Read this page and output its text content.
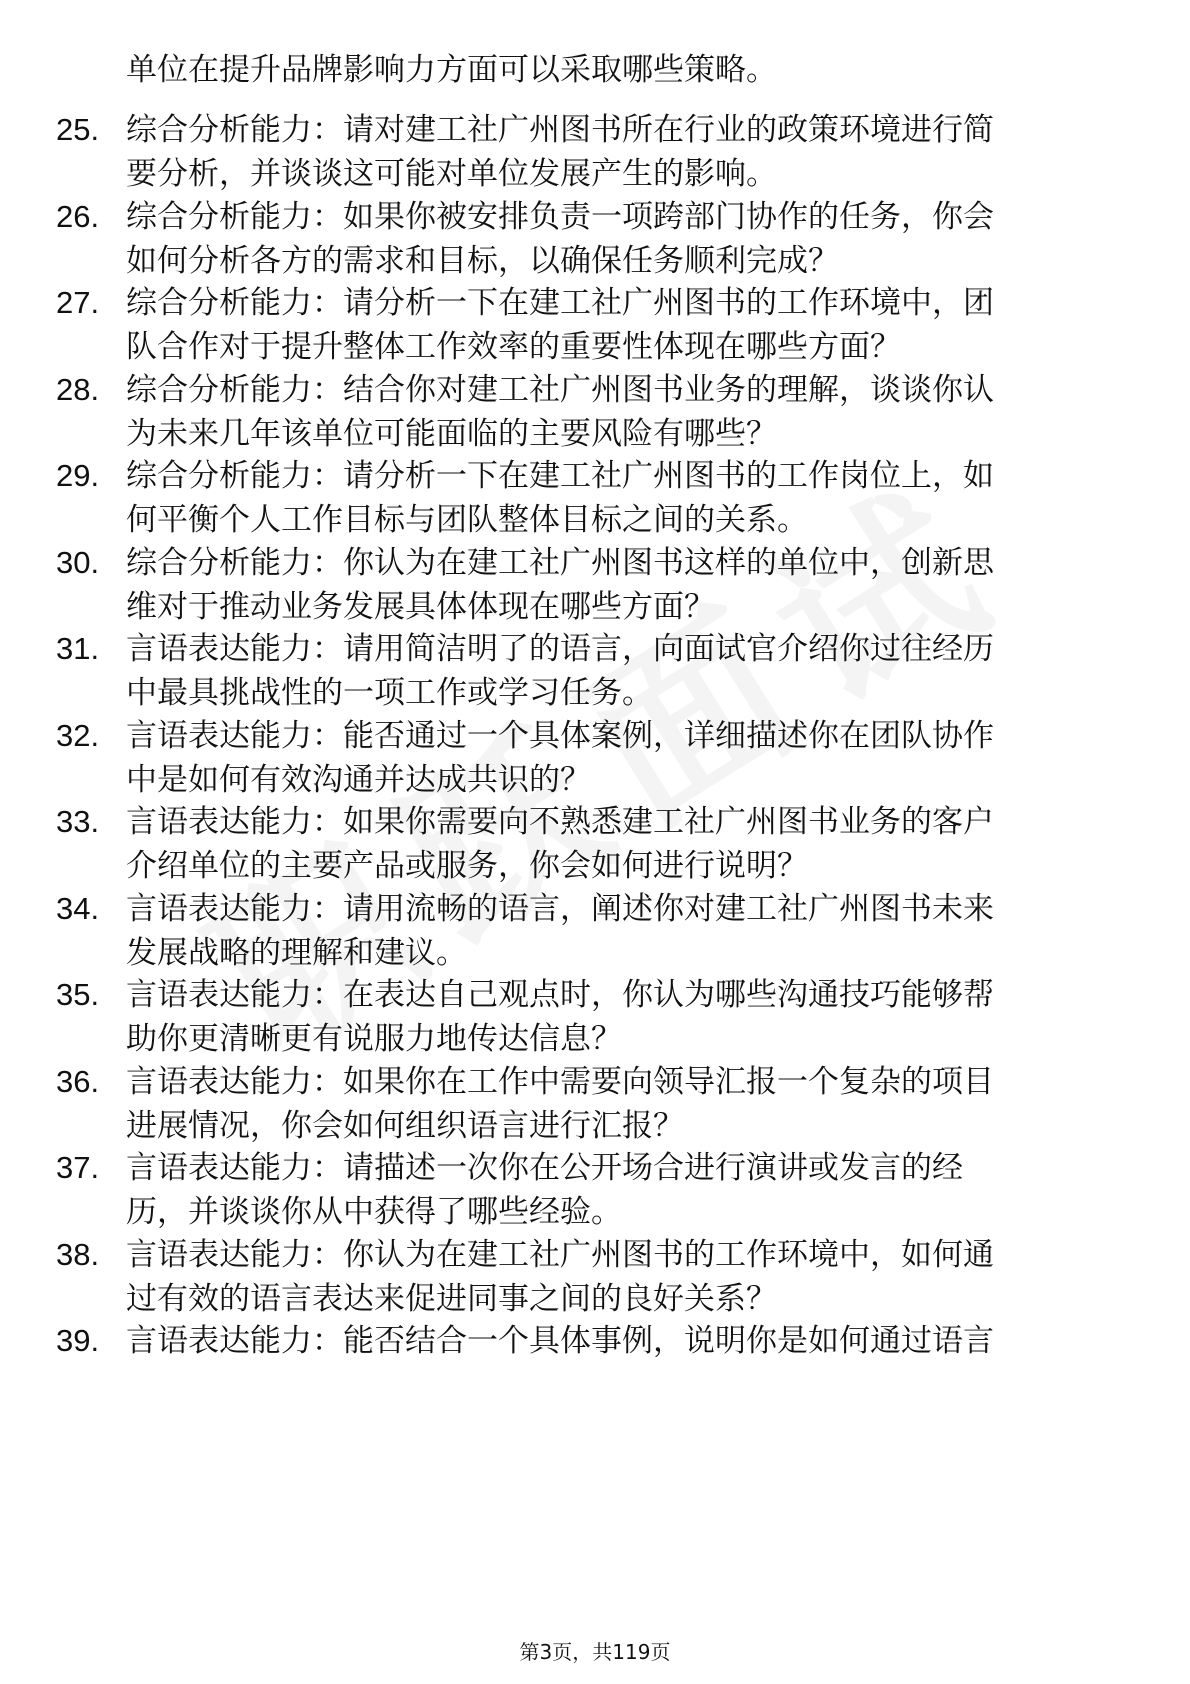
单位在提升品牌影响力方面可以采取哪些策略。
25. 综合分析能力：请对建工社广州图书所在行业的政策环境进行简
要分析，并谈谈这可能对单位发展产生的影响。
26. 综合分析能力：如果你被安排负责一项跨部门协作的任务，你会
如何分析各方的需求和目标，以确保任务顺利完成？
27. 综合分析能力：请分析一下在建工社广州图书的工作环境中，团
队合作对于提升整体工作效率的重要性体现在哪些方面？
28. 综合分析能力：结合你对建工社广州图书业务的理解，谈谈你认
为未来几年该单位可能面临的主要风险有哪些？
29. 综合分析能力：请分析一下在建工社广州图书的工作岗位上，如
何平衡个人工作目标与团队整体目标之间的关系。
30. 综合分析能力：你认为在建工社广州图书这样的单位中，创新思
维对于推动业务发展具体体现在哪些方面？
31. 言语表达能力：请用简洁明了的语言，向面试官介绍你过往经历
中最具挑战性的一项工作或学习任务。
32. 言语表达能力：能否通过一个具体案例，详细描述你在团队协作
中是如何有效沟通并达成共识的？
33. 言语表达能力：如果你需要向不熟悉建工社广州图书业务的客户
介绍单位的主要产品或服务，你会如何进行说明？
34. 言语表达能力：请用流畅的语言，阐述你对建工社广州图书未来
发展战略的理解和建议。
35. 言语表达能力：在表达自己观点时，你认为哪些沟通技巧能够帮
助你更清晰更有说服力地传达信息？
36. 言语表达能力：如果你在工作中需要向领导汇报一个复杂的项目
进展情况，你会如何组织语言进行汇报？
37. 言语表达能力：请描述一次你在公开场合进行演讲或发言的经
历，并谈谈你从中获得了哪些经验。
38. 言语表达能力：你认为在建工社广州图书的工作环境中，如何通
过有效的语言表达来促进同事之间的良好关系？
39. 言语表达能力：能否结合一个具体事例，说明你是如何通过语言
第3页，共119页
